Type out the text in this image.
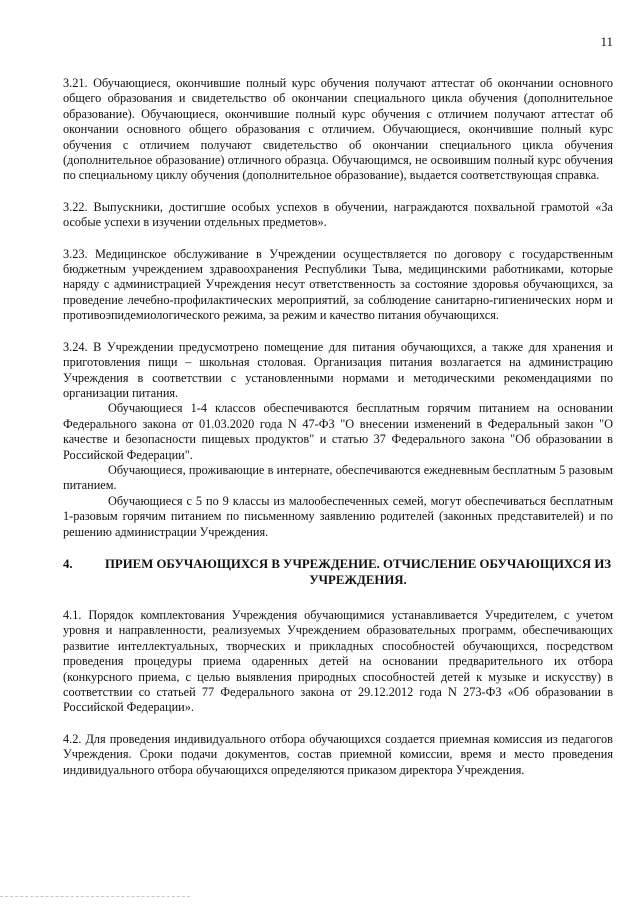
11

3.21. Обучающиеся, окончившие полный курс обучения получают аттестат об окончании основного общего образования и свидетельство об окончании специального цикла обучения (дополнительное образование). Обучающиеся, окончившие полный курс обучения с отличием получают аттестат об окончании основного общего образования с отличием. Обучающиеся, окончившие полный курс обучения с отличием получают свидетельство об окончании специального цикла обучения (дополнительное образование) отличного образца. Обучающимся, не освоившим полный курс обучения по специальному циклу обучения (дополнительное образование), выдается соответствующая справка.

3.22. Выпускники, достигшие особых успехов в обучении, награждаются похвальной грамотой «За особые успехи в изучении отдельных предметов».

3.23. Медицинское обслуживание в Учреждении осуществляется по договору с государственным бюджетным учреждением здравоохранения Республики Тыва, медицинскими работниками, которые наряду с администрацией Учреждения несут ответственность за состояние здоровья обучающихся, за проведение лечебно-профилактических мероприятий, за соблюдение санитарно-гигиенических норм и противоэпидемиологического режима, за режим и качество питания обучающихся.

3.24. В Учреждении предусмотрено помещение для питания обучающихся, а также для хранения и приготовления пищи – школьная столовая. Организация питания возлагается на администрацию Учреждения в соответствии с установленными нормами и методическими рекомендациями по организации питания.

Обучающиеся 1-4 классов обеспечиваются бесплатным горячим питанием на основании Федерального закона от 01.03.2020 года N 47-ФЗ "О внесении изменений в Федеральный закон "О качестве и безопасности пищевых продуктов" и статью 37 Федерального закона "Об образовании в Российской Федерации".

Обучающиеся, проживающие в интернате, обеспечиваются ежедневным бесплатным 5 разовым питанием.

Обучающиеся с 5 по 9 классы из малообеспеченных семей, могут обеспечиваться бесплатным 1-разовым горячим питанием по письменному заявлению родителей (законных представителей) и по решению администрации Учреждения.

4.	ПРИЕМ ОБУЧАЮЩИХСЯ В УЧРЕЖДЕНИЕ. ОТЧИСЛЕНИЕ ОБУЧАЮЩИХСЯ ИЗ УЧРЕЖДЕНИЯ.

4.1. Порядок комплектования Учреждения обучающимися устанавливается Учредителем, с учетом уровня и направленности, реализуемых Учреждением образовательных программ, обеспечивающих развитие интеллектуальных, творческих и прикладных способностей обучающихся, посредством проведения процедуры приема одаренных детей на основании предварительного их отбора (конкурсного приема, с целью выявления природных способностей детей к музыке и искусству) в соответствии со статьей 77 Федерального закона от 29.12.2012 года N 273-ФЗ «Об образовании в Российской Федерации».

4.2. Для проведения индивидуального отбора обучающихся создается приемная комиссия из педагогов Учреждения. Сроки подачи документов, состав приемной комиссии, время и место проведения индивидуального отбора обучающихся определяются приказом директора Учреждения.
